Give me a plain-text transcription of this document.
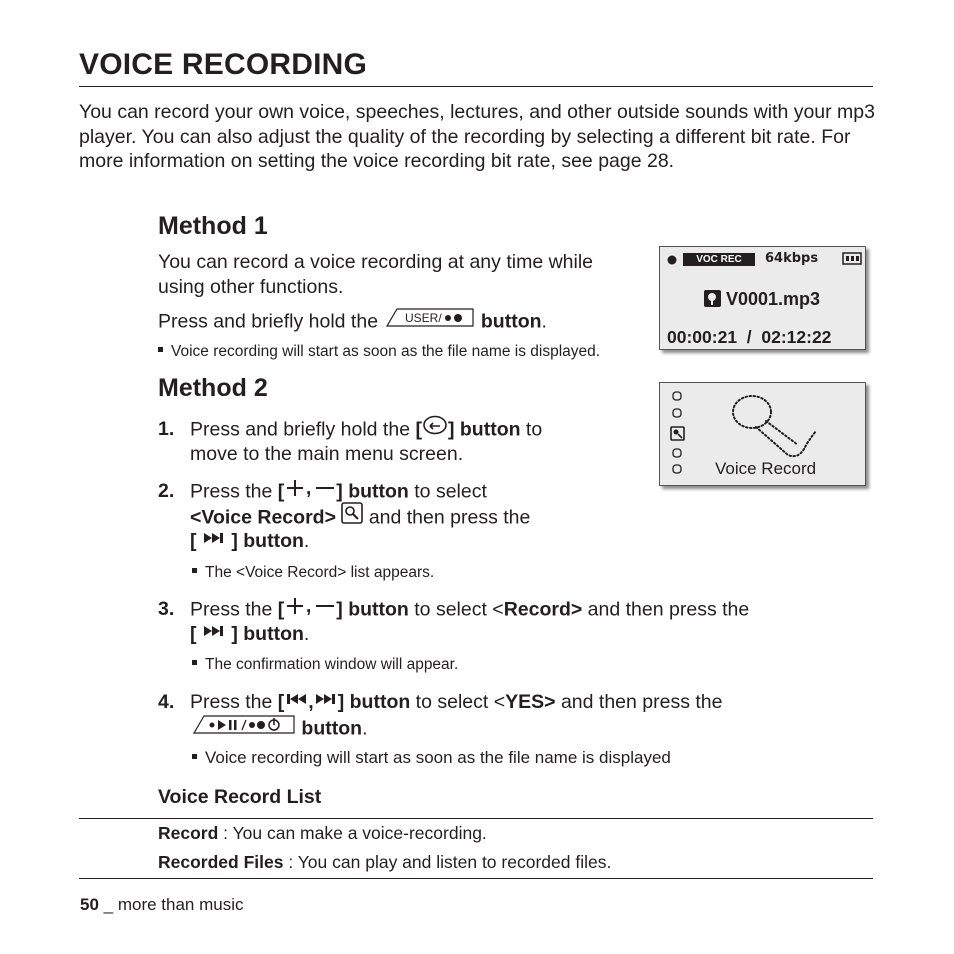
VOICE RECORDING
You can record your own voice, speeches, lectures, and other outside sounds with your mp3 player. You can also adjust the quality of the recording by selecting a different bit rate. For more information on setting the voice recording bit rate, see page 28.
Method 1
You can record a voice recording at any time while using other functions.
Press and briefly hold the USER/ button.
Voice recording will start as soon as the file name is displayed.
VOC REC	64kbps
V0001.mp3
00:00:21  /  02:12:22
Method 2
1. Press and briefly hold the [ ] button to
move to the main menu screen.
2. Press the [ , ] button to select
<Voice Record> and then press the
[ ] button.
The <Voice Record> list appears.
3. Press the [ , ] button to select <Record> and then press the
[ ] button.
The confirmation window will appear.
4. Press the [ , ] button to select <YES> and then press the
button.
Voice recording will start as soon as the file name is displayed
Voice Record
Voice Record List
Record : You can make a voice-recording.
Recorded Files : You can play and listen to recorded files.
50 _ more than music
